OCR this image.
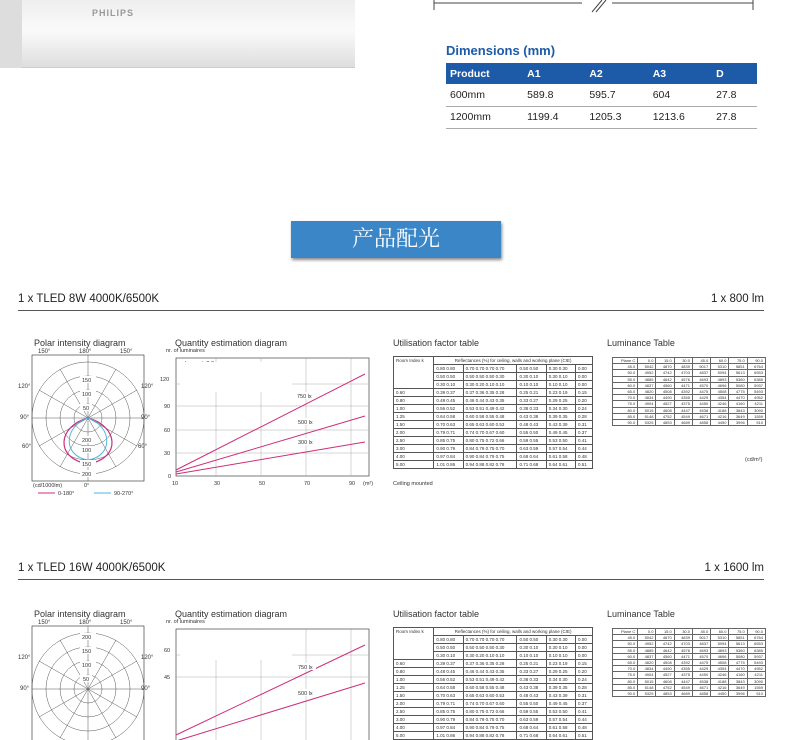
PHILIPS
Dimensions (mm)
Product	A1	A2	A3	D
600mm	589.8	595.7	604	27.8
1200mm	1199.4	1205.3	1213.6	27.8
产品配光
1 x TLED 8W 4000K/6500K	1 x 800 lm
Polar intensity diagram
150°	180°	150°
120°	120°
90°	90°
60°	60°
200
150
100
50
100
150
200
(cd/1000lm)	0°
0-180°	90-270°
Quantity estimation diagram
nr. of luminaires
120
90
60
30
0
10	30	50	70	90 (m²)
750 lx
500 lx
300 lx
Utilisation factor table
Room Index k	Reflectances (%) for ceiling, walls and working plane (CIE)				
	0.80 0.80	0.70 0.70 0.70 0.70	0.50 0.50	0.30 0.30	0.00
	0.50 0.50	0.50 0.50 0.50 0.30	0.30 0.10	0.30 0.10	0.00
	0.30 0.10	0.30 0.20 0.10 0.10	0.10 0.10	0.10 0.10	0.00
0.60	0.39 0.37	0.37 0.36 0.35 0.28	0.25 0.21	0.23 0.19	0.15
0.80	0.48 0.45	0.46 0.44 0.43 0.35	0.33 0.27	0.29 0.25	0.20
1.00	0.56 0.52	0.53 0.51 0.49 0.42	0.38 0.33	0.34 0.30	0.24
1.25	0.64 0.58	0.60 0.58 0.55 0.48	0.43 0.38	0.39 0.35	0.28
1.50	0.70 0.63	0.65 0.63 0.60 0.53	0.48 0.43	0.43 0.39	0.31
2.00	0.79 0.71	0.74 0.70 0.67 0.60	0.55 0.50	0.49 0.45	0.37
2.50	0.85 0.75	0.80 0.75 0.72 0.66	0.59 0.55	0.53 0.50	0.41
3.00	0.90 0.79	0.84 0.79 0.75 0.70	0.63 0.59	0.57 0.54	0.44
4.00	0.97 0.84	0.90 0.84 0.79 0.75	0.68 0.64	0.61 0.58	0.48
5.00	1.01 0.86	0.94 0.88 0.82 0.78	0.71 0.68	0.64 0.61	0.51
Ceiling mounted
Luminance Table
Plane C	0.0	15.0	30.0	45.0	60.0	75.0	90.0
45.0	5042	4870	4839	5017	5310	5851	6764
50.0	4952	4742	4703	4837	5094	5613	6553
55.0	4885	4642	4576	4693	4893	5360	6385
60.0	4837	4560	4471	4570	4696	5080	5937
65.0	4820	4508	4392	4475	4508	4775	5493
70.0	4834	4490	4355	4429	4354	4470	4952
75.0	4904	4527	4375	4450	4246	4160	4211
80.0	5015	4608	4447	4538	4188	3843	3090
85.0	5148	4752	4549	4671	4216	3649	1559
90.0	5325	4853	4689	4858	4450	3996	510
(cd/m²)
1 x TLED 16W 4000K/6500K	1 x 1600 lm
Polar intensity diagram
150°	180°	150°
120°	120°
90°	90°
200
150
100
50
Quantity estimation diagram
nr. of luminaires
60
45
750 lx
500 lx
Utilisation factor table
Room Index k	Reflectances (%) for ceiling, walls and working plane (CIE)				
	0.80 0.80	0.70 0.70 0.70 0.70	0.50 0.50	0.30 0.30	0.00
	0.50 0.50	0.50 0.50 0.50 0.30	0.30 0.10	0.30 0.10	0.00
	0.30 0.10	0.30 0.20 0.10 0.10	0.10 0.10	0.10 0.10	0.00
0.60	0.39 0.37	0.37 0.36 0.35 0.28	0.25 0.21	0.23 0.19	0.15
0.80	0.48 0.45	0.46 0.44 0.43 0.35	0.33 0.27	0.29 0.25	0.20
1.00	0.56 0.52	0.53 0.51 0.49 0.42	0.38 0.33	0.34 0.30	0.24
1.25	0.64 0.58	0.60 0.58 0.55 0.48	0.43 0.38	0.39 0.35	0.28
1.50	0.70 0.63	0.65 0.63 0.60 0.53	0.48 0.43	0.43 0.39	0.31
2.00	0.79 0.71	0.74 0.70 0.67 0.60	0.55 0.50	0.49 0.45	0.37
2.50	0.85 0.75	0.80 0.75 0.72 0.66	0.59 0.55	0.53 0.50	0.41
3.00	0.90 0.79	0.84 0.79 0.75 0.70	0.63 0.59	0.57 0.54	0.44
4.00	0.97 0.84	0.90 0.84 0.79 0.75	0.68 0.64	0.61 0.58	0.48
5.00	1.01 0.86	0.94 0.88 0.82 0.78	0.71 0.68	0.64 0.61	0.51
Luminance Table
Plane C	0.0	15.0	30.0	45.0	60.0	75.0	90.0
45.0	5042	4870	4839	5017	5310	5851	6764
50.0	4952	4742	4703	4837	5094	5613	6553
55.0	4885	4642	4576	4693	4893	5360	6385
60.0	4837	4560	4471	4570	4696	5080	5937
65.0	4820	4508	4392	4475	4508	4775	5493
70.0	4834	4490	4355	4429	4354	4470	4952
75.0	4904	4527	4375	4450	4246	4160	4211
80.0	5015	4608	4447	4538	4188	3843	3090
85.0	5148	4752	4549	4671	4216	3649	1559
90.0	5325	4853	4689	4858	4450	3996	510
